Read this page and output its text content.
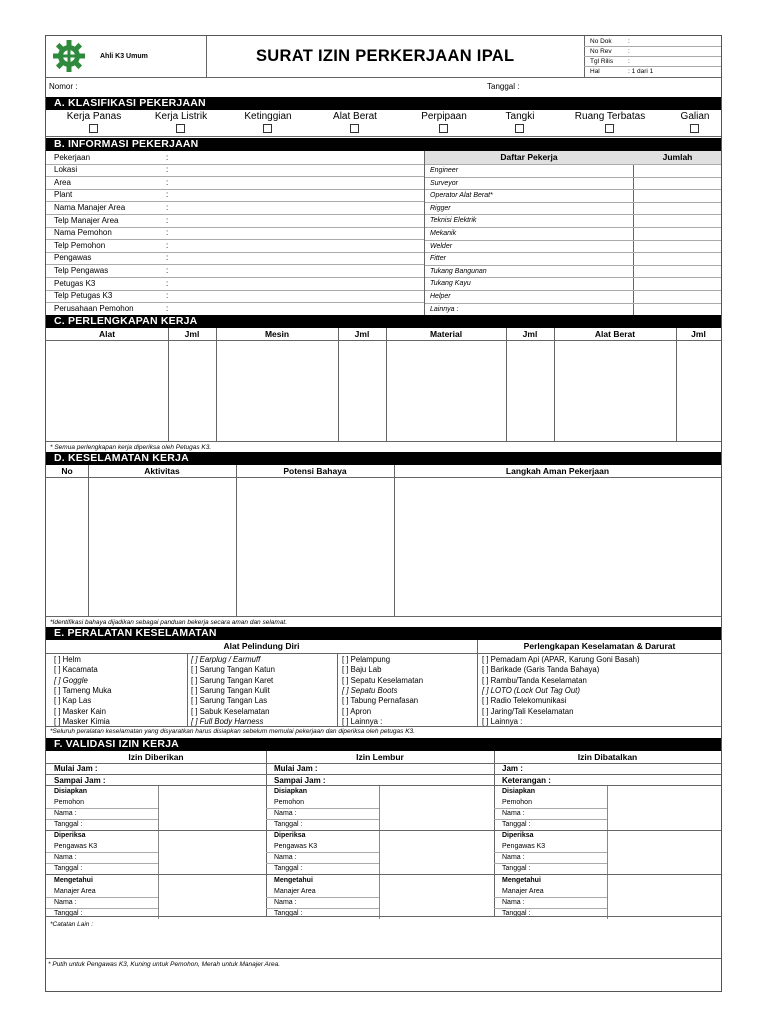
Ahli K3 Umum	SURAT IZIN PERKERJAAN IPAL
No Dok	:
No Rev	:
Tgl Rilis :
Hal	: 1 dari 1
Nomor :	Tanggal :
A. KLASIFIKASI PEKERJAAN
Kerja Panas	Kerja Listrik	Ketinggian	Alat Berat	Perpipaan	Tangki	Ruang Terbatas	Galian
B. INFORMASI PEKERJAAN
Pekerjaan	:
Lokasi	:
Area	:
Plant	:
Nama Manajer Area	:
Telp Manajer Area	:
Nama Pemohon	:
Telp Pemohon	:
Pengawas	:
Telp Pengawas	:
Petugas K3	:
Telp Petugas K3	:
Perusahaan Pemohon	:
Daftar Pekerja	Jumlah
Engineer
Surveyor
Operator Alat Berat*
Rigger
Teknisi Elektrik
Mekanik
Welder
Fitter
Tukang Bangunan
Tukang Kayu
Helper
Lainnya :
C. PERLENGKAPAN KERJA
Alat	Jml	Mesin	Jml	Material	Jml	Alat Berat	Jml
* Semua perlengkapan kerja diperiksa oleh Petugas K3.
D. KESELAMATAN KERJA
No	Aktivitas	Potensi Bahaya	Langkah Aman Pekerjaan
*Identifikasi bahaya dijadikan sebagai panduan bekerja secara aman dan selamat.
E. PERALATAN KESELAMATAN
Alat Pelindung Diri	Perlengkapan Keselamatan & Darurat
[ ] Helm
[ ] Kacamata
[ ] Goggle
[ ] Tameng Muka
[ ] Kap Las
[ ] Masker Kain
[ ] Masker Kimia
[ ] Earplug / Earmuff
[ ] Sarung Tangan Katun
[ ] Sarung Tangan Karet
[ ] Sarung Tangan Kulit
[ ] Sarung Tangan Las
[ ] Sabuk Keselamatan
[ ] Full Body Harness
[ ] Pelampung
[ ] Baju Lab
[ ] Sepatu Keselamatan
[ ] Sepatu Boots
[ ] Tabung Pernafasan
[ ] Apron
[ ] Lainnya :
[ ] Pemadam Api (APAR, Karung Goni Basah)
[ ] Barikade (Garis Tanda Bahaya)
[ ] Rambu/Tanda Keselamatan
[ ] LOTO (Lock Out Tag Out)
[ ] Radio Telekomunikasi
[ ] Jaring/Tali Keselamatan
[ ] Lainnya :
*Seluruh peralatan keselamatan yang disyaratkan harus disiapkan sebelum memulai pekerjaan dan diperiksa oleh petugas K3.
F. VALIDASI IZIN KERJA
Izin Diberikan
Mulai Jam :
Sampai Jam :
Disiapkan
Pemohon
Nama :
Tanggal :
Diperiksa
Pengawas K3
Nama :
Tanggal :
Mengetahui
Manajer Area
Nama :
Tanggal :
Izin Lembur
Mulai Jam :
Sampai Jam :
Disiapkan
Pemohon
Nama :
Tanggal :
Diperiksa
Pengawas K3
Nama :
Tanggal :
Mengetahui
Manajer Area
Nama :
Tanggal :
Izin Dibatalkan
Jam :
Keterangan :
Disiapkan
Pemohon
Nama :
Tanggal :
Diperiksa
Pengawas K3
Nama :
Tanggal :
Mengetahui
Manajer Area
Nama :
Tanggal :
*Catatan Lain :
* Putih untuk Pengawas K3, Kuning untuk Pemohon, Merah untuk Manajer Area.
